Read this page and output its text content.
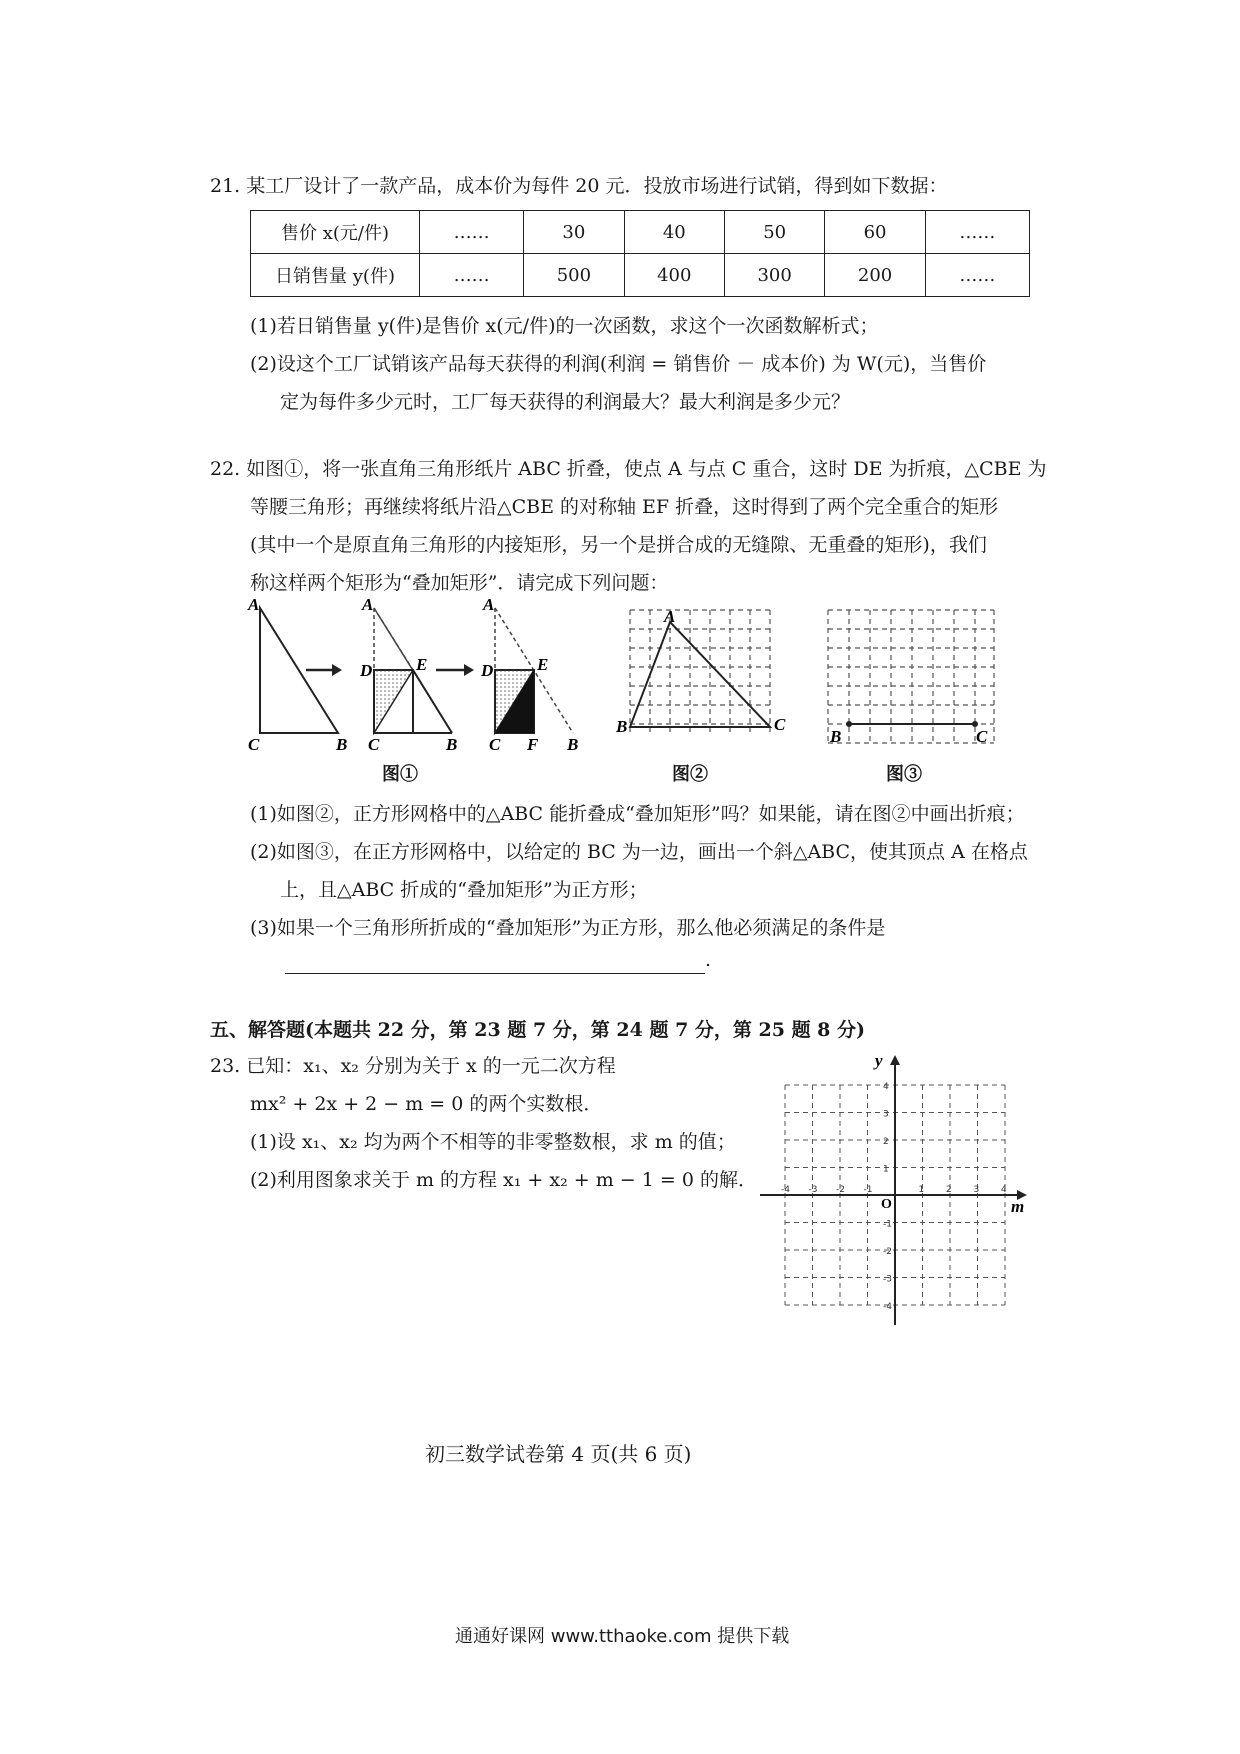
21. 某工厂设计了一款产品，成本价为每件 20 元．投放市场进行试销，得到如下数据：
售价 x(元/件)	……	30	40	50	60	……
日销售量 y(件)	……	500	400	300	200	……
(1)若日销售量 y(件)是售价 x(元/件)的一次函数，求这个一次函数解析式；
(2)设这个工厂试销该产品每天获得的利润(利润 = 销售价 － 成本价) 为 W(元)，当售价
定为每件多少元时，工厂每天获得的利润最大？最大利润是多少元？
22. 如图①，将一张直角三角形纸片 ABC 折叠，使点 A 与点 C 重合，这时 DE 为折痕，△CBE 为
等腰三角形；再继续将纸片沿△CBE 的对称轴 EF 折叠，这时得到了两个完全重合的矩形
(其中一个是原直角三角形的内接矩形，另一个是拼合成的无缝隙、无重叠的矩形)，我们
称这样两个矩形为“叠加矩形”．请完成下列问题：
A
C	B
A
D	E
C	B
A
D	E
C F B
图①
A
B	C
图②
B	C
图③
(1)如图②，正方形网格中的△ABC 能折叠成“叠加矩形”吗？如果能，请在图②中画出折痕；
(2)如图③，在正方形网格中，以给定的 BC 为一边，画出一个斜△ABC，使其顶点 A 在格点
上，且△ABC 折成的“叠加矩形”为正方形；
(3)如果一个三角形所折成的“叠加矩形”为正方形，那么他必须满足的条件是
.
五、解答题(本题共 22 分，第 23 题 7 分，第 24 题 7 分，第 25 题 8 分)
23. 已知：x₁、x₂ 分别为关于 x 的一元二次方程
mx² + 2x + 2 − m = 0 的两个实数根．
(1)设 x₁、x₂ 均为两个不相等的非零整数根，求 m 的值；
(2)利用图象求关于 m 的方程 x₁ + x₂ + m − 1 = 0 的解．
y
m
O
-4 -3 -2 -1	1 2 3 4
4
3
2
1
-1
-2
-3
-4
初三数学试卷第 4 页(共 6 页)
通通好课网 www.tthaoke.com 提供下载
